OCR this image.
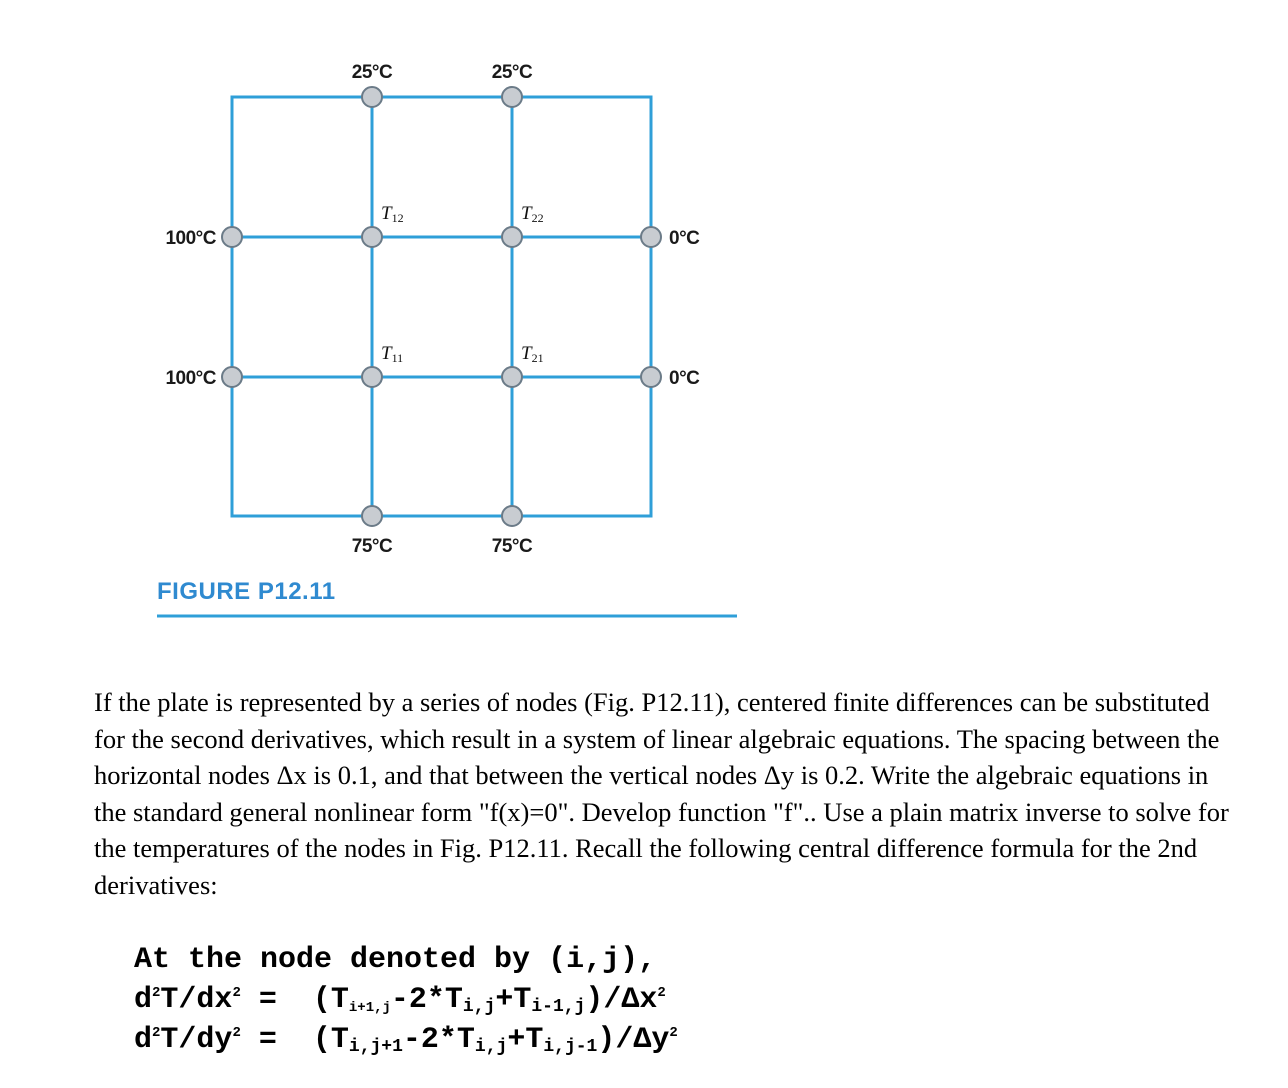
25°C	25°C
100°C
100°C
0°C
0°C
75°C	75°C
T12	T22
T11	T21
FIGURE P12.11
If the plate is represented by a series of nodes (Fig. P12.11), centered finite differences can be substituted for the second derivatives, which result in a system of linear algebraic equations. The spacing between the horizontal nodes Δx is 0.1, and that between the vertical nodes Δy is 0.2. Write the algebraic equations in the standard general nonlinear form "f(x)=0". Develop function "f".. Use a plain matrix inverse to solve for the temperatures of the nodes in Fig. P12.11. Recall the following central difference formula for the 2nd derivatives:
At the node denoted by (i,j),
$d^2T/dx^2 = (T_{i+1,j}-2*T_{i,j}+T_{i-1,j})/\Delta x^2$
$d^2T/dy^2 = (T_{i,j+1}-2*T_{i,j}+T_{i,j-1})/\Delta y^2$
